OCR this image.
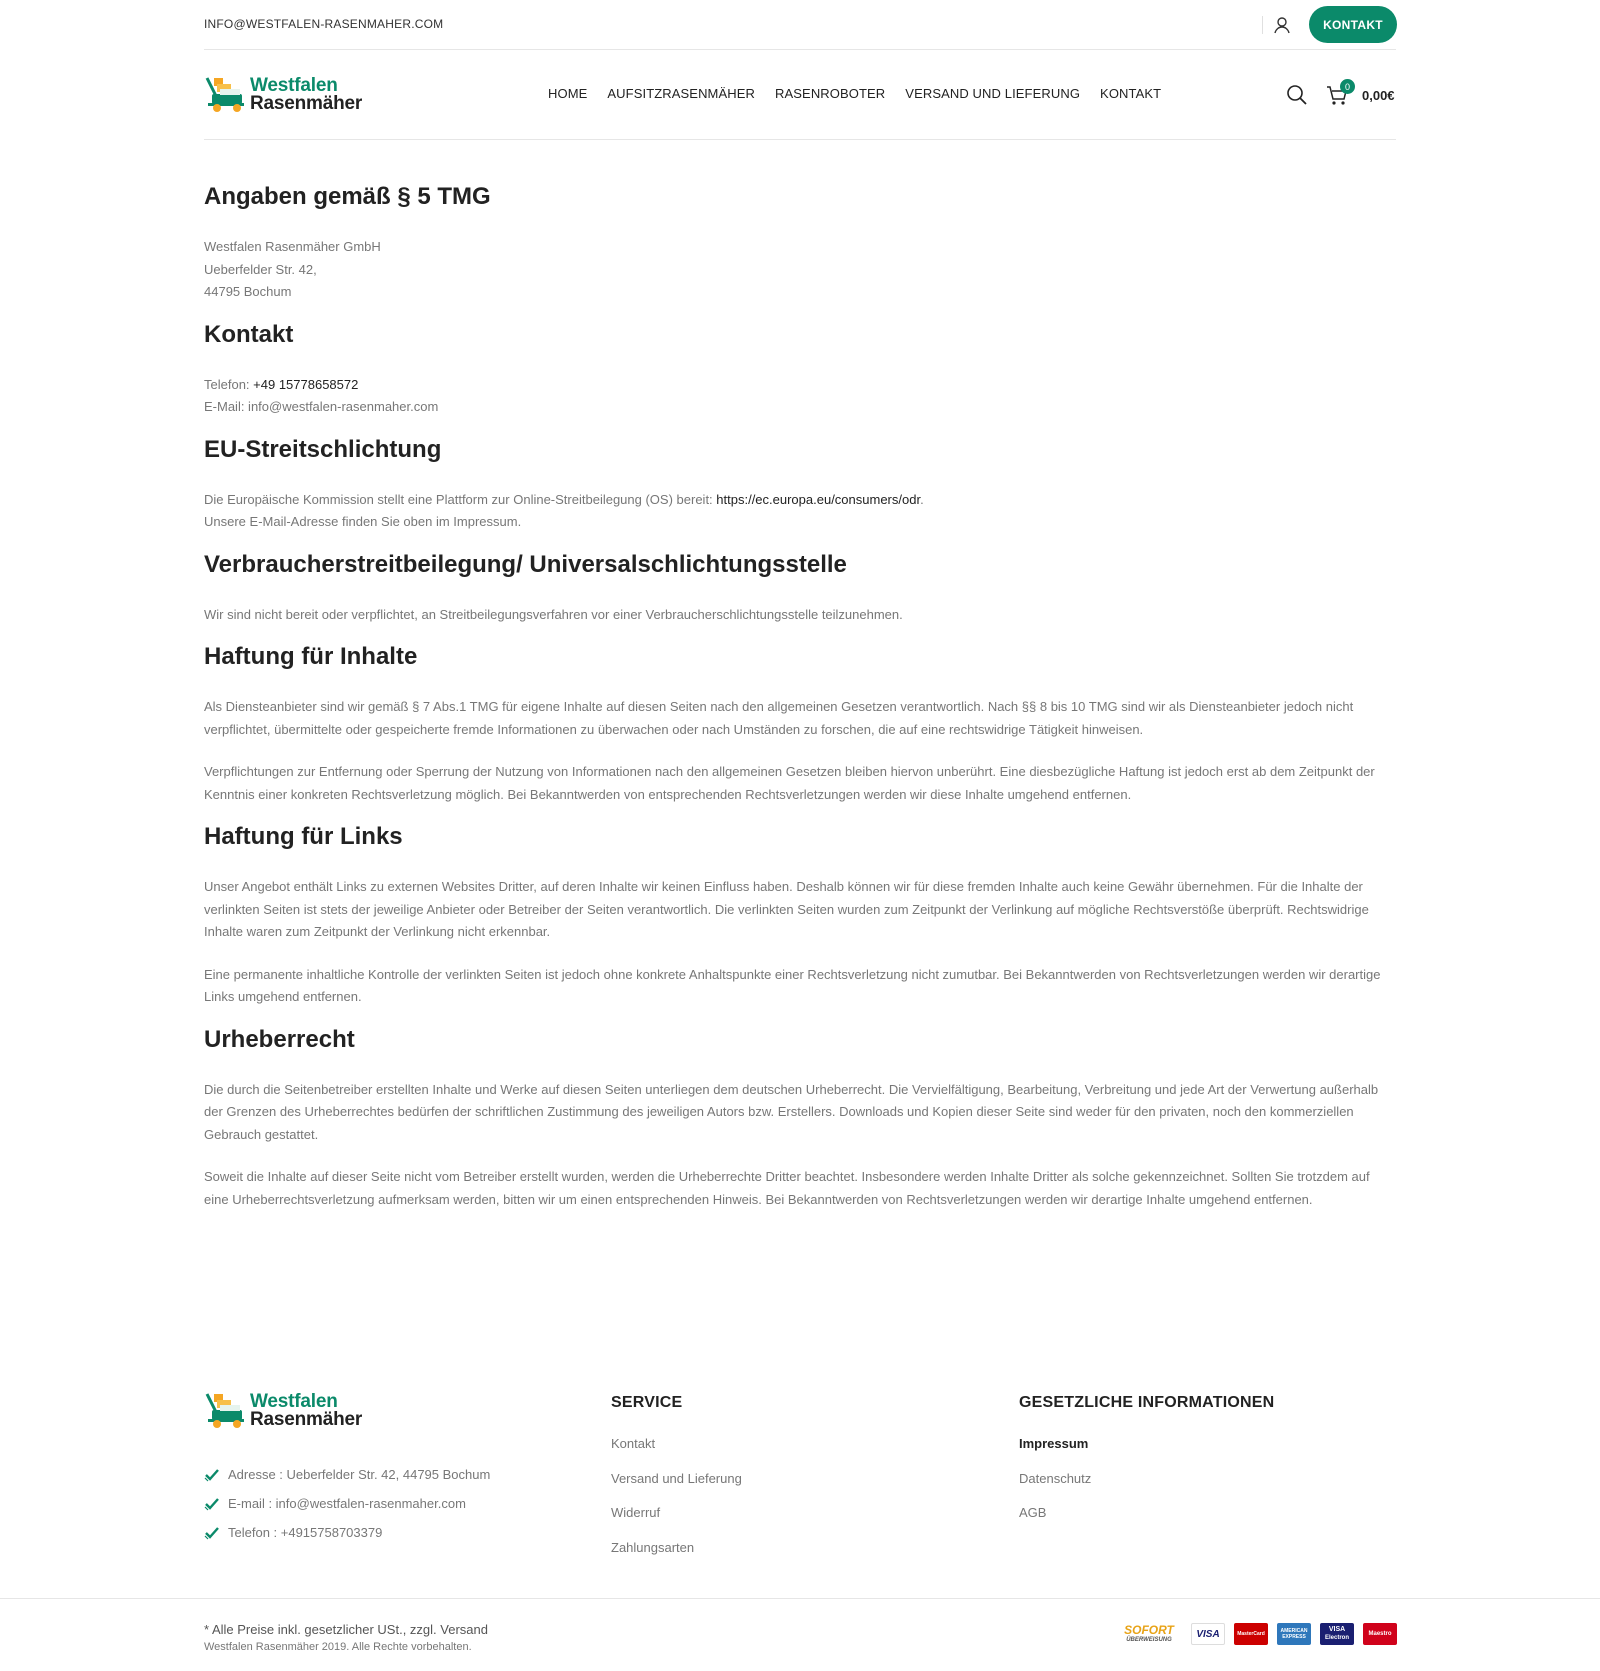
INFO@WESTFALEN-RASENMAHER.COM	KONTAKT
Westfalen
Rasenmäher	HOME AUFSITZRASENMÄHER RASENROBOTER VERSAND UND LIEFERUNG KONTAKT	0
0,00€
Angaben gemäß § 5 TMG

Westfalen Rasenmäher GmbH
Ueberfelder Str. 42,
44795 Bochum

Kontakt

Telefon: +49 15778658572
E-Mail: info@westfalen-rasenmaher.com

EU-Streitschlichtung

Die Europäische Kommission stellt eine Plattform zur Online-Streitbeilegung (OS) bereit: https://ec.europa.eu/consumers/odr.
Unsere E-Mail-Adresse finden Sie oben im Impressum.

Verbraucherstreitbeilegung/ Universalschlichtungsstelle

Wir sind nicht bereit oder verpflichtet, an Streitbeilegungsverfahren vor einer Verbraucherschlichtungsstelle teilzunehmen.

Haftung für Inhalte

Als Diensteanbieter sind wir gemäß § 7 Abs.1 TMG für eigene Inhalte auf diesen Seiten nach den allgemeinen Gesetzen verantwortlich. Nach §§ 8 bis 10 TMG sind wir als Diensteanbieter jedoch nicht verpflichtet, übermittelte oder gespeicherte fremde Informationen zu überwachen oder nach Umständen zu forschen, die auf eine rechtswidrige Tätigkeit hinweisen.

Verpflichtungen zur Entfernung oder Sperrung der Nutzung von Informationen nach den allgemeinen Gesetzen bleiben hiervon unberührt. Eine diesbezügliche Haftung ist jedoch erst ab dem Zeitpunkt der Kenntnis einer konkreten Rechtsverletzung möglich. Bei Bekanntwerden von entsprechenden Rechtsverletzungen werden wir diese Inhalte umgehend entfernen.

Haftung für Links

Unser Angebot enthält Links zu externen Websites Dritter, auf deren Inhalte wir keinen Einfluss haben. Deshalb können wir für diese fremden Inhalte auch keine Gewähr übernehmen. Für die Inhalte der verlinkten Seiten ist stets der jeweilige Anbieter oder Betreiber der Seiten verantwortlich. Die verlinkten Seiten wurden zum Zeitpunkt der Verlinkung auf mögliche Rechtsverstöße überprüft. Rechtswidrige Inhalte waren zum Zeitpunkt der Verlinkung nicht erkennbar.

Eine permanente inhaltliche Kontrolle der verlinkten Seiten ist jedoch ohne konkrete Anhaltspunkte einer Rechtsverletzung nicht zumutbar. Bei Bekanntwerden von Rechtsverletzungen werden wir derartige Links umgehend entfernen.

Urheberrecht

Die durch die Seitenbetreiber erstellten Inhalte und Werke auf diesen Seiten unterliegen dem deutschen Urheberrecht. Die Vervielfältigung, Bearbeitung, Verbreitung und jede Art der Verwertung außerhalb der Grenzen des Urheberrechtes bedürfen der schriftlichen Zustimmung des jeweiligen Autors bzw. Erstellers. Downloads und Kopien dieser Seite sind weder für den privaten, noch den kommerziellen Gebrauch gestattet.

Soweit die Inhalte auf dieser Seite nicht vom Betreiber erstellt wurden, werden die Urheberrechte Dritter beachtet. Insbesondere werden Inhalte Dritter als solche gekennzeichnet. Sollten Sie trotzdem auf eine Urheberrechtsverletzung aufmerksam werden, bitten wir um einen entsprechenden Hinweis. Bei Bekanntwerden von Rechtsverletzungen werden wir derartige Inhalte umgehend entfernen.

Westfalen
Rasenmäher
Adresse : Ueberfelder Str. 42, 44795 Bochum
E-mail : info@westfalen-rasenmaher.com
Telefon : +4915758703379
SERVICE
Kontakt
Versand und Lieferung
Widerruf
Zahlungsarten
GESETZLICHE INFORMATIONEN
Impressum
Datenschutz
AGB
* Alle Preise inkl. gesetzlicher USt., zzgl. Versand
Westfalen Rasenmäher 2019. Alle Rechte vorbehalten.
SOFORT
ÜBERWEISUNG
VISA	MasterCard	AMERICAN EXPRESS
VISA
Electron
Maestro
